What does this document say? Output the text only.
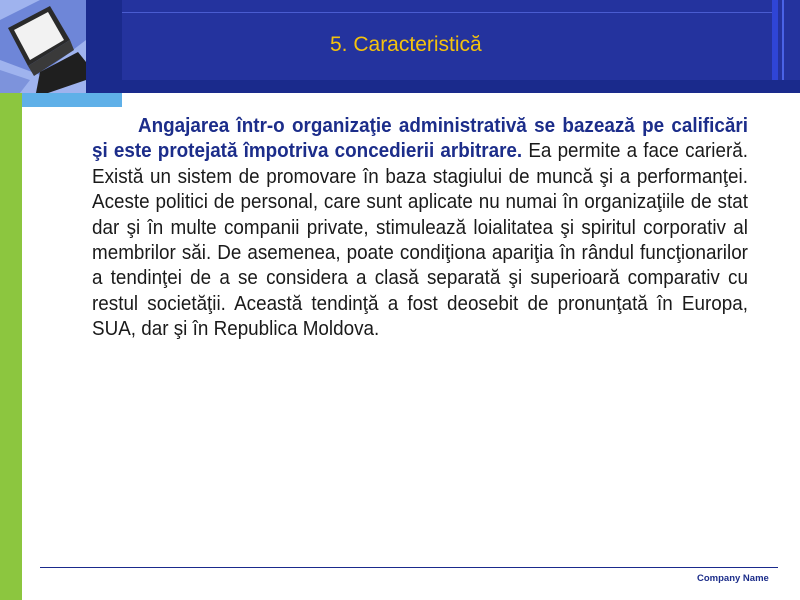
5. Caracteristică
Angajarea într-o organizaţie administrativă se bazează pe calificări şi este protejată împotriva concedierii arbitrare. Ea permite a face carieră. Există un sistem de promovare în baza stagiului de muncă şi a performanţei. Aceste politici de personal, care sunt aplicate nu numai în organizaţiile de stat dar şi în multe companii private, stimulează loialitatea şi spiritul corporativ al membrilor săi. De asemenea, poate condiţiona apariţia în rândul funcţionarilor a tendinţei de a se considera a clasă separată şi superioară comparativ cu restul societăţii. Această tendinţă a fost deosebit de pronunţată în Europa, SUA, dar şi în Republica Moldova.
Company Name
